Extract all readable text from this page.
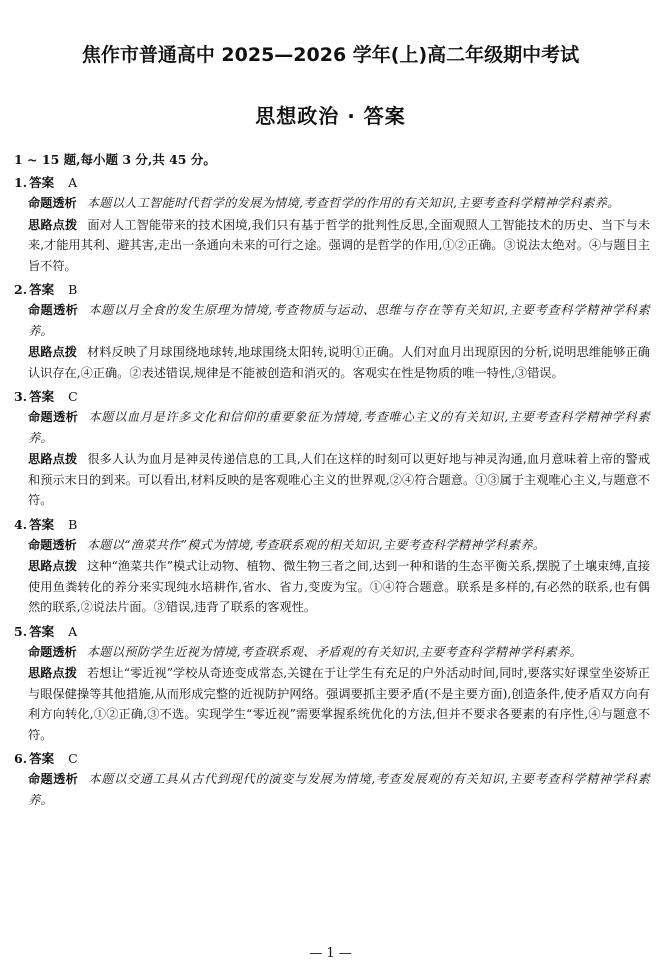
焦作市普通高中 2025—2026 学年(上)高二年级期中考试
思想政治 · 答案
1 ~ 15 题,每小题 3 分,共 45 分。
1. 答案 A
命题透析 本题以人工智能时代哲学的发展为情境,考查哲学的作用的有关知识,主要考查科学精神学科素养。
思路点拨 面对人工智能带来的技术困境,我们只有基于哲学的批判性反思,全面观照人工智能技术的历史、当下与未来,才能用其利、避其害,走出一条通向未来的可行之途。强调的是哲学的作用,①②正确。③说法太绝对。④与题目主旨不符。
2. 答案 B
命题透析 本题以月全食的发生原理为情境,考查物质与运动、思维与存在等有关知识,主要考查科学精神学科素养。
思路点拨 材料反映了月球围绕地球转,地球围绕太阳转,说明①正确。人们对血月出现原因的分析,说明思维能够正确认识存在,④正确。②表述错误,规律是不能被创造和消灭的。客观实在性是物质的唯一特性,③错误。
3. 答案 C
命题透析 本题以血月是许多文化和信仰的重要象征为情境,考查唯心主义的有关知识,主要考查科学精神学科素养。
思路点拨 很多人认为血月是神灵传递信息的工具,人们在这样的时刻可以更好地与神灵沟通,血月意味着上帝的警戒和预示末日的到来。可以看出,材料反映的是客观唯心主义的世界观,②④符合题意。①③属于主观唯心主义,与题意不符。
4. 答案 B
命题透析 本题以“渔菜共作”模式为情境,考查联系观的相关知识,主要考查科学精神学科素养。
思路点拨 这种“渔菜共作”模式让动物、植物、微生物三者之间,达到一种和谐的生态平衡关系,摆脱了土壤束缚,直接使用鱼粪转化的养分来实现纯水培耕作,省水、省力,变废为宝。①④符合题意。联系是多样的,有必然的联系,也有偶然的联系,②说法片面。③错误,违背了联系的客观性。
5. 答案 A
命题透析 本题以预防学生近视为情境,考查联系观、矛盾观的有关知识,主要考查科学精神学科素养。
思路点拨 若想让“零近视”学校从奇迹变成常态,关键在于让学生有充足的户外活动时间,同时,要落实好课堂坐姿矫正与眼保健操等其他措施,从而形成完整的近视防护网络。强调要抓主要矛盾(不是主要方面),创造条件,使矛盾双方向有利方向转化,①②正确,③不选。实现学生“零近视”需要掌握系统优化的方法,但并不要求各要素的有序性,④与题意不符。
6. 答案 C
命题透析 本题以交通工具从古代到现代的演变与发展为情境,考查发展观的有关知识,主要考查科学精神学科素养。
— 1 —
